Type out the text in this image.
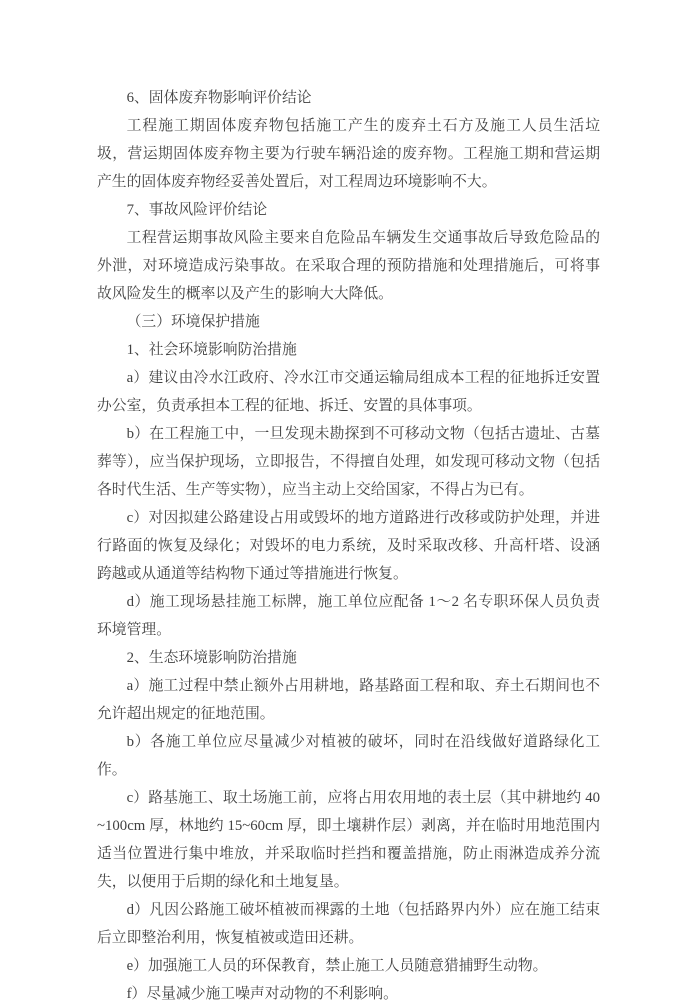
6、固体废弃物影响评价结论

工程施工期固体废弃物包括施工产生的废弃土石方及施工人员生活垃圾，营运期固体废弃物主要为行驶车辆沿途的废弃物。工程施工期和营运期产生的固体废弃物经妥善处置后，对工程周边环境影响不大。

7、事故风险评价结论

工程营运期事故风险主要来自危险品车辆发生交通事故后导致危险品的外泄，对环境造成污染事故。在采取合理的预防措施和处理措施后，可将事故风险发生的概率以及产生的影响大大降低。

（三）环境保护措施

1、社会环境影响防治措施

a）建议由冷水江政府、冷水江市交通运输局组成本工程的征地拆迁安置办公室，负责承担本工程的征地、拆迁、安置的具体事项。

b）在工程施工中，一旦发现未勘探到不可移动文物（包括古遗址、古墓葬等），应当保护现场，立即报告，不得擅自处理，如发现可移动文物（包括各时代生活、生产等实物），应当主动上交给国家，不得占为已有。

c）对因拟建公路建设占用或毁坏的地方道路进行改移或防护处理，并进行路面的恢复及绿化；对毁坏的电力系统，及时采取改移、升高杆塔、设涵跨越或从通道等结构物下通过等措施进行恢复。

d）施工现场悬挂施工标牌，施工单位应配备 1～2 名专职环保人员负责环境管理。

2、生态环境影响防治措施

a）施工过程中禁止额外占用耕地，路基路面工程和取、弃土石期间也不允许超出规定的征地范围。

b）各施工单位应尽量减少对植被的破坏，同时在沿线做好道路绿化工作。

c）路基施工、取土场施工前，应将占用农用地的表土层（其中耕地约 40~100cm 厚，林地约 15~60cm 厚，即土壤耕作层）剥离，并在临时用地范围内适当位置进行集中堆放，并采取临时拦挡和覆盖措施，防止雨淋造成养分流失，以便用于后期的绿化和土地复垦。

d）凡因公路施工破坏植被而裸露的土地（包括路界内外）应在施工结束后立即整治利用，恢复植被或造田还耕。

e）加强施工人员的环保教育，禁止施工人员随意猎捕野生动物。

f）尽量减少施工噪声对动物的不利影响。
